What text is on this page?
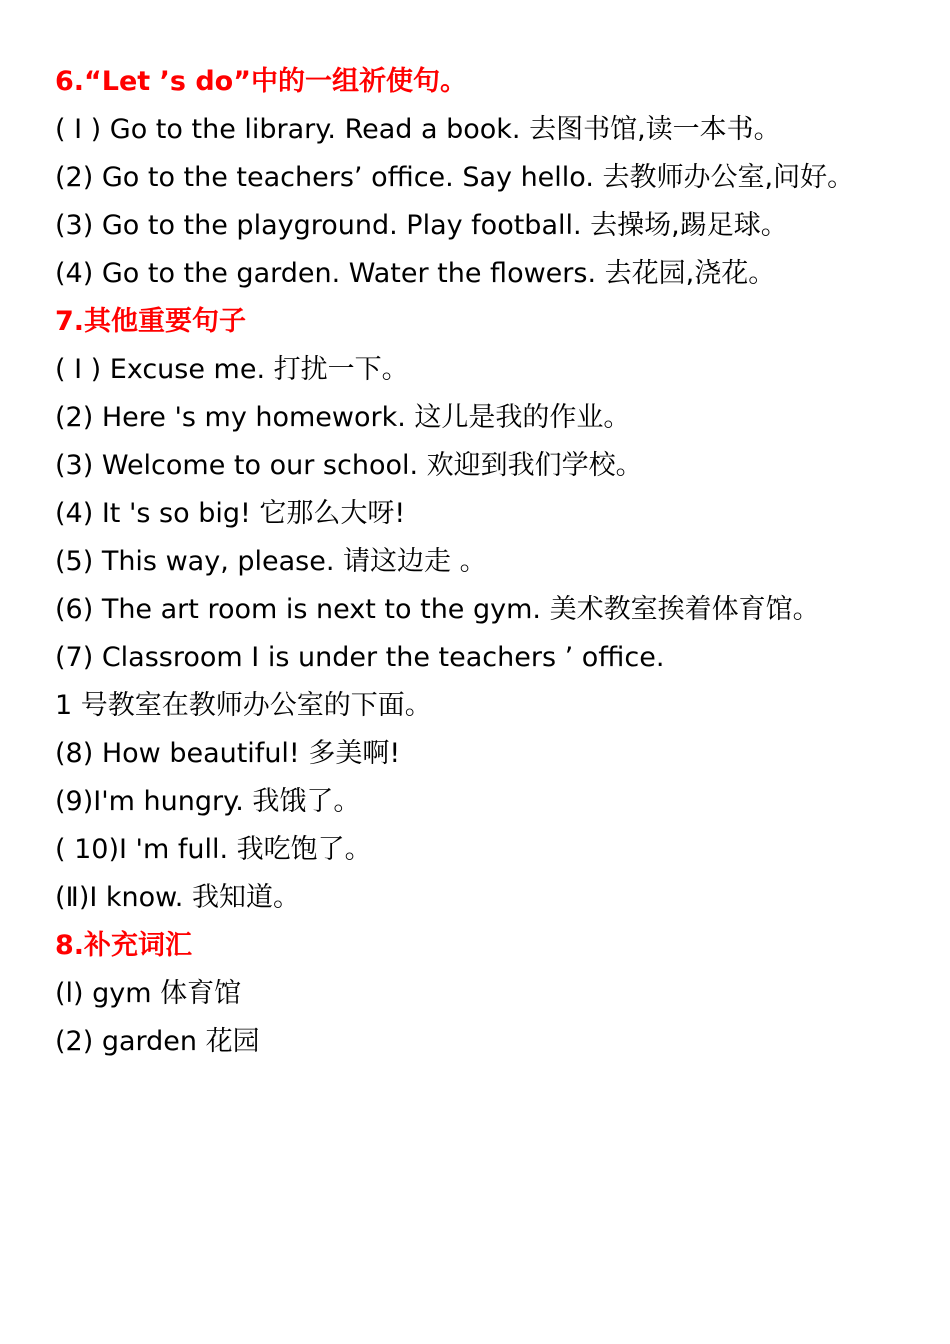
6.“Let ’s do”中的一组祈使句。
( I ) Go to the library. Read a book. 去图书馆,读一本书。
(2) Go to the teachers’ office. Say hello. 去教师办公室,问好。
(3) Go to the playground. Play football. 去操场,踢足球。
(4) Go to the garden. Water the flowers. 去花园,浇花。
7.其他重要句子
( I ) Excuse me. 打扰一下。
(2) Here 's my homework. 这儿是我的作业。
(3) Welcome to our school. 欢迎到我们学校。
(4) It 's so big! 它那么大呀!
(5) This way, please. 请这边走 。
(6) The art room is next to the gym. 美术教室挨着体育馆。
(7) Classroom I is under the teachers ’ office.
1 号教室在教师办公室的下面。
(8) How beautiful! 多美啊!
(9)I'm hungry. 我饿了。
( 10)I 'm full. 我吃饱了。
(Ⅱ)I know. 我知道。
8.补充词汇
(l) gym 体育馆
(2) garden 花园
